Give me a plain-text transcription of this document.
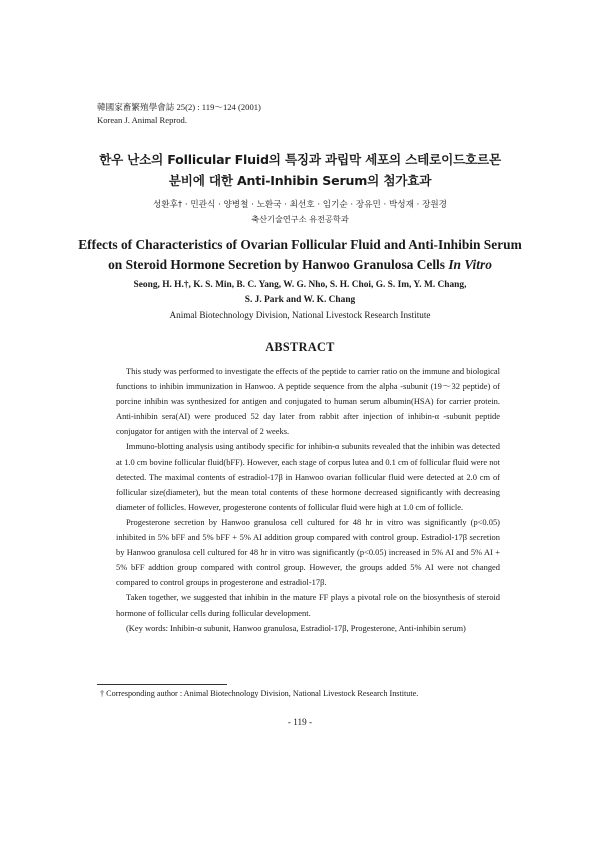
韓國家畜繁殖學會誌 25(2) : 119～124 (2001)
Korean J. Animal Reprod.
한우 난소의 Follicular Fluid의 특징과 과립막 세포의 스테로이드호르몬
분비에 대한 Anti-Inhibin Serum의 첨가효과
성환후† · 민관식 · 양병철 · 노환국 · 최선호 · 임기순 · 장유민 · 박성재 · 장원경
축산기술연구소 유전공학과
Effects of Characteristics of Ovarian Follicular Fluid and Anti-Inhibin Serum
on Steroid Hormone Secretion by Hanwoo Granulosa Cells In Vitro
Seong, H. H.†, K. S. Min, B. C. Yang, W. G. Nho, S. H. Choi, G. S. Im, Y. M. Chang,
S. J. Park and W. K. Chang
Animal Biotechnology Division, National Livestock Research Institute
ABSTRACT

This study was performed to investigate the effects of the peptide to carrier ratio on the immune and biological functions to inhibin immunization in Hanwoo. A peptide sequence from the alpha -subunit (19～32 peptide) of porcine inhibin was synthesized for antigen and conjugated to human serum albumin(HSA) for carrier protein. Anti-inhibin sera(AI) were produced 52 day later from rabbit after injection of inhibin-α -subunit peptide conjugator for antigen with the interval of 2 weeks.

Immuno-blotting analysis using antibody specific for inhibin-α subunits revealed that the inhibin was detected at 1.0 cm bovine follicular fluid(bFF). However, each stage of corpus lutea and 0.1 cm of follicular fluid were not detected. The maximal contents of estradiol-17β in Hanwoo ovarian follicular fluid were detected at 2.0 cm of follicular size(diameter), but the mean total contents of these hormone decreased significantly with decreasing diameter of follicles. However, progesterone contents of follicular fluid were high at 1.0 cm of follicle.

Progesterone secretion by Hanwoo granulosa cell cultured for 48 hr in vitro was significantly (p<0.05) inhibited in 5% bFF and 5% bFF + 5% AI addition group compared with control group. Estradiol-17β secretion by Hanwoo granulosa cell cultured for 48 hr in vitro was significantly (p<0.05) increased in 5% AI and 5% AI + 5% bFF addtion group compared with control group. However, the groups added 5% AI were not changed compared to control groups in progesterone and estradiol-17β.

Taken together, we suggested that inhibin in the mature FF plays a pivotal role on the biosynthesis of steroid hormone of follicular cells during follicular development.

(Key words: Inhibin-α subunit, Hanwoo granulosa, Estradiol-17β, Progesterone, Anti-inhibin serum)

† Corresponding author : Animal Biotechnology Division, National Livestock Research Institute.
- 119 -
